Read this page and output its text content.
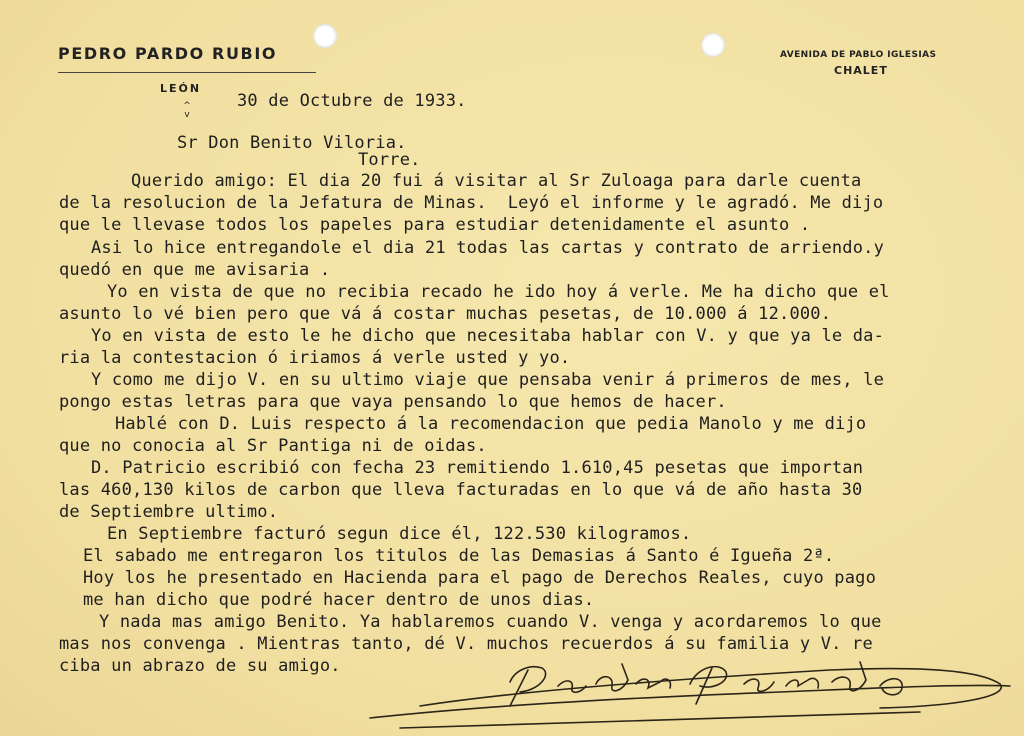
PEDRO PARDO RUBIO
LEÓN
^
v
AVENIDA DE PABLO IGLESIAS
CHALET
30 de Octubre de 1933.
Sr Don Benito Viloria.
Torre.
Querido amigo: El dia 20 fui á visitar al Sr Zuloaga para darle cuenta
de la resolucion de la Jefatura de Minas.  Leyó el informe y le agradó. Me dijo
que le llevase todos los papeles para estudiar detenidamente el asunto .
Asi lo hice entregandole el dia 21 todas las cartas y contrato de arriendo.y
quedó en que me avisaria .
Yo en vista de que no recibia recado he ido hoy á verle. Me ha dicho que el
asunto lo vé bien pero que vá á costar muchas pesetas, de 10.000 á 12.000.
Yo en vista de esto le he dicho que necesitaba hablar con V. y que ya le da-
ria la contestacion ó iriamos á verle usted y yo.
Y como me dijo V. en su ultimo viaje que pensaba venir á primeros de mes, le
pongo estas letras para que vaya pensando lo que hemos de hacer.
Hablé con D. Luis respecto á la recomendacion que pedia Manolo y me dijo
que no conocia al Sr Pantiga ni de oidas.
D. Patricio escribió con fecha 23 remitiendo 1.610,45 pesetas que importan
las 460,130 kilos de carbon que lleva facturadas en lo que vá de año hasta 30
de Septiembre ultimo.
En Septiembre facturó segun dice él, 122.530 kilogramos.
El sabado me entregaron los titulos de las Demasias á Santo é Igueña 2ª.
Hoy los he presentado en Hacienda para el pago de Derechos Reales, cuyo pago
me han dicho que podré hacer dentro de unos dias.
Y nada mas amigo Benito. Ya hablaremos cuando V. venga y acordaremos lo que
mas nos convenga . Mientras tanto, dé V. muchos recuerdos á su familia y V. re
ciba un abrazo de su amigo.
